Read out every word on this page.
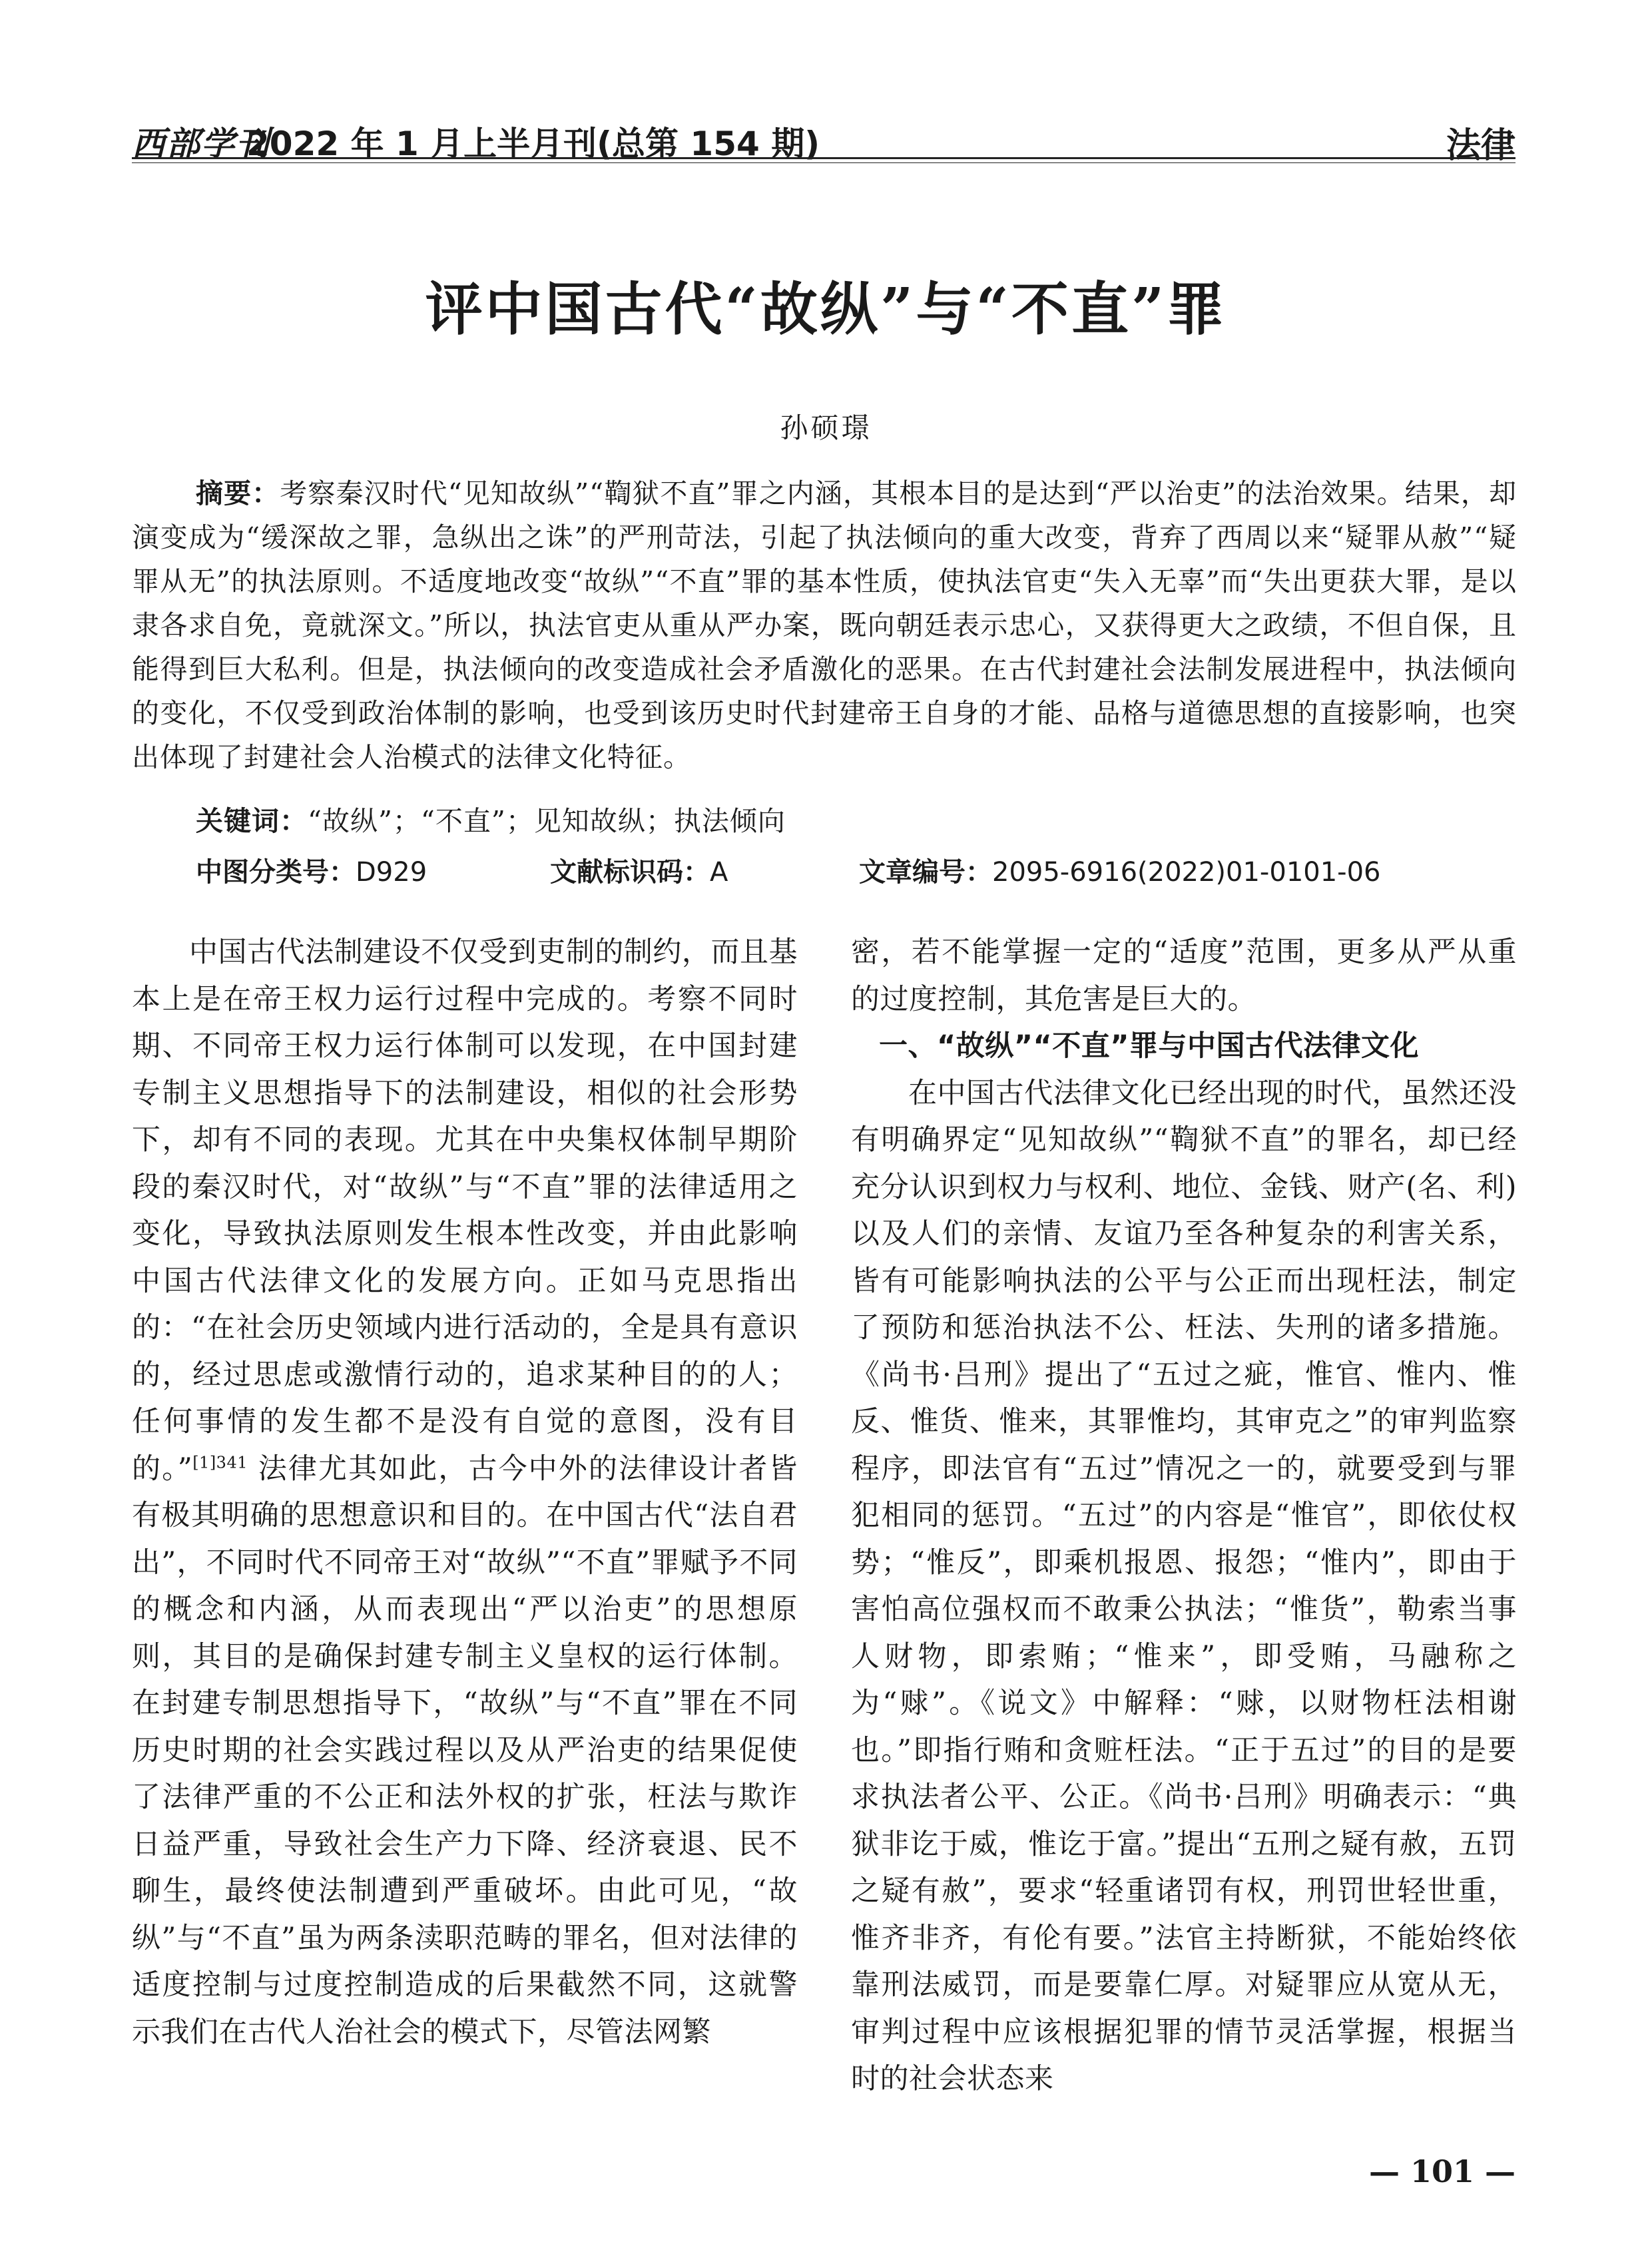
西部学刊
2022 年 1 月上半月刊(总第 154 期)	法律
评中国古代“故纵”与“不直”罪
孙硕璟
摘要：考察秦汉时代“见知故纵”“鞫狱不直”罪之内涵，其根本目的是达到“严以治吏”的法治效果。结果，却演变成为“缓深故之罪，急纵出之诛”的严刑苛法，引起了执法倾向的重大改变，背弃了西周以来“疑罪从赦”“疑罪从无”的执法原则。不适度地改变“故纵”“不直”罪的基本性质，使执法官吏“失入无辜”而“失出更获大罪，是以隶各求自免，竟就深文。”所以，执法官吏从重从严办案，既向朝廷表示忠心，又获得更大之政绩，不但自保，且能得到巨大私利。但是，执法倾向的改变造成社会矛盾激化的恶果。在古代封建社会法制发展进程中，执法倾向的变化，不仅受到政治体制的影响，也受到该历史时代封建帝王自身的才能、品格与道德思想的直接影响，也突出体现了封建社会人治模式的法律文化特征。
关键词：“故纵”；“不直”；见知故纵；执法倾向
中图分类号：D929	文献标识码：A	文章编号：2095-6916(2022)01-0101-06

中国古代法制建设不仅受到吏制的制约，而且基本上是在帝王权力运行过程中完成的。考察不同时期、不同帝王权力运行体制可以发现，在中国封建专制主义思想指导下的法制建设，相似的社会形势下，却有不同的表现。尤其在中央集权体制早期阶段的秦汉时代，对“故纵”与“不直”罪的法律适用之变化，导致执法原则发生根本性改变，并由此影响中国古代法律文化的发展方向。正如马克思指出的：“在社会历史领域内进行活动的，全是具有意识的，经过思虑或激情行动的，追求某种目的的人；任何事情的发生都不是没有自觉的意图，没有目的。”$^{[1]341}$ 法律尤其如此，古今中外的法律设计者皆有极其明确的思想意识和目的。在中国古代“法自君出”，不同时代不同帝王对“故纵”“不直”罪赋予不同的概念和内涵，从而表现出“严以治吏”的思想原则，其目的是确保封建专制主义皇权的运行体制。在封建专制思想指导下，“故纵”与“不直”罪在不同历史时期的社会实践过程以及从严治吏的结果促使了法律严重的不公正和法外权的扩张，枉法与欺诈日益严重，导致社会生产力下降、经济衰退、民不聊生，最终使法制遭到严重破坏。由此可见，“故纵”与“不直”虽为两条渎职范畴的罪名，但对法律的适度控制与过度控制造成的后果截然不同，这就警示我们在古代人治社会的模式下，尽管法网繁

密，若不能掌握一定的“适度”范围，更多从严从重的过度控制，其危害是巨大的。

一、“故纵”“不直”罪与中国古代法律文化

在中国古代法律文化已经出现的时代，虽然还没有明确界定“见知故纵”“鞫狱不直”的罪名，却已经充分认识到权力与权利、地位、金钱、财产(名、利)以及人们的亲情、友谊乃至各种复杂的利害关系，皆有可能影响执法的公平与公正而出现枉法，制定了预防和惩治执法不公、枉法、失刑的诸多措施。《尚书·吕刑》提出了“五过之疵，惟官、惟内、惟反、惟货、惟来，其罪惟均，其审克之”的审判监察程序，即法官有“五过”情况之一的，就要受到与罪犯相同的惩罚。“五过”的内容是“惟官”，即依仗权势；“惟反”，即乘机报恩、报怨；“惟内”，即由于害怕高位强权而不敢秉公执法；“惟货”，勒索当事人财物，即索贿；“惟来”，即受贿，马融称之为“赇”。《说文》中解释：“赇，以财物枉法相谢也。”即指行贿和贪赃枉法。“正于五过”的目的是要求执法者公平、公正。《尚书·吕刑》明确表示：“典狱非讫于威，惟讫于富。”提出“五刑之疑有赦，五罚之疑有赦”，要求“轻重诸罚有权，刑罚世轻世重，惟齐非齐，有伦有要。”法官主持断狱，不能始终依靠刑法威罚，而是要靠仁厚。对疑罪应从宽从无，审判过程中应该根据犯罪的情节灵活掌握，根据当时的社会状态来

— 101 —
